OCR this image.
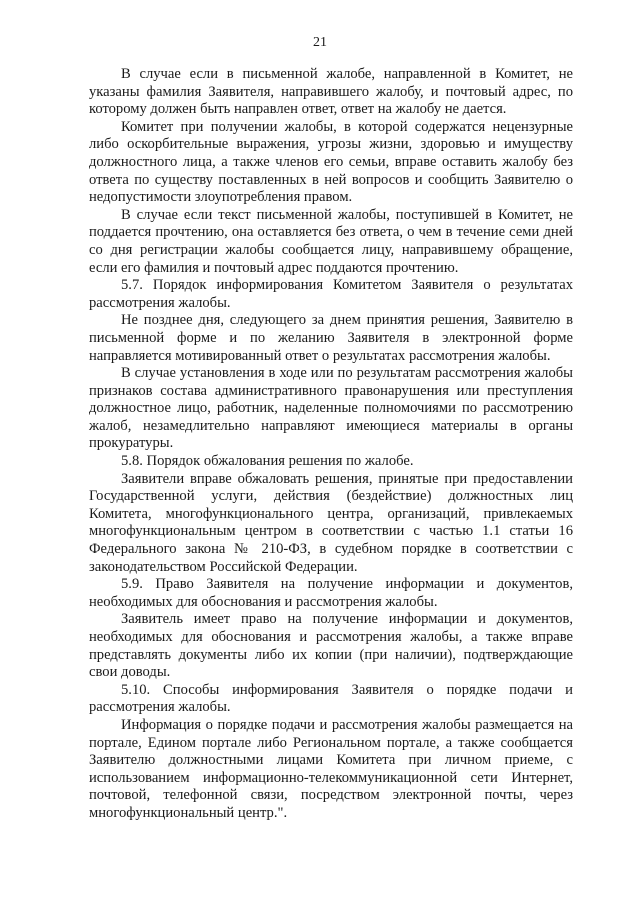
21

В случае если в письменной жалобе, направленной в Комитет, не указаны фамилия Заявителя, направившего жалобу, и почтовый адрес, по которому должен быть направлен ответ, ответ на жалобу не дается.

Комитет при получении жалобы, в которой содержатся нецензурные либо оскорбительные выражения, угрозы жизни, здоровью и имуществу должностного лица, а также членов его семьи, вправе оставить жалобу без ответа по существу поставленных в ней вопросов и сообщить Заявителю о недопустимости злоупотребления правом.

В случае если текст письменной жалобы, поступившей в Комитет, не поддается прочтению, она оставляется без ответа, о чем в течение семи дней со дня регистрации жалобы сообщается лицу, направившему обращение, если его фамилия и почтовый адрес поддаются прочтению.

5.7. Порядок информирования Комитетом Заявителя о результатах рассмотрения жалобы.

Не позднее дня, следующего за днем принятия решения, Заявителю в письменной форме и по желанию Заявителя в электронной форме направляется мотивированный ответ о результатах рассмотрения жалобы.

В случае установления в ходе или по результатам рассмотрения жалобы признаков состава административного правонарушения или преступления должностное лицо, работник, наделенные полномочиями по рассмотрению жалоб, незамедлительно направляют имеющиеся материалы в органы прокуратуры.

5.8. Порядок обжалования решения по жалобе.

Заявители вправе обжаловать решения, принятые при предоставлении Государственной услуги, действия (бездействие) должностных лиц Комитета, многофункционального центра, организаций, привлекаемых многофункциональным центром в соответствии с частью 1.1 статьи 16 Федерального закона № 210-ФЗ, в судебном порядке в соответствии с законодательством Российской Федерации.

5.9. Право Заявителя на получение информации и документов, необходимых для обоснования и рассмотрения жалобы.

Заявитель имеет право на получение информации и документов, необходимых для обоснования и рассмотрения жалобы, а также вправе представлять документы либо их копии (при наличии), подтверждающие свои доводы.

5.10. Способы информирования Заявителя о порядке подачи и рассмотрения жалобы.

Информация о порядке подачи и рассмотрения жалобы размещается на портале, Едином портале либо Региональном портале, а также сообщается Заявителю должностными лицами Комитета при личном приеме, с использованием информационно-телекоммуникационной сети Интернет, почтовой, телефонной связи, посредством электронной почты, через многофункциональный центр.".
